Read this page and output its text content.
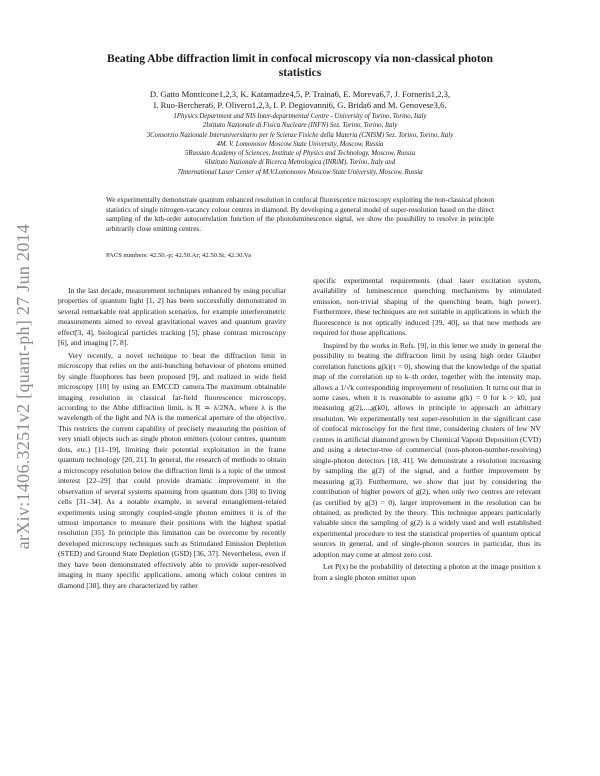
arXiv:1406.3251v2 [quant-ph] 27 Jun 2014
Beating Abbe diffraction limit in confocal microscopy via non-classical photon statistics
D. Gatto Monticone1,2,3, K. Katamadze4,5, P. Traina6, E. Moreva6,7, J. Forneris1,2,3,
I. Ruo-Berchera6, P. Olivero1,2,3, I. P. Degiovanni6, G. Brida6 and M. Genovese3,6.
1Physics Department and NIS Inter-departmental Centre - University of Torino, Torino, Italy
2Istituto Nazionale di Fisica Nucleare (INFN) Sez. Torino, Torino, Italy
3Consorzio Nazionale Interuniversitario per le Scienze Fisiche della Materia (CNISM) Sez. Torino, Torino, Italy
4M. V. Lomonosov Moscow State University, Moscow, Russia
5Russian Academy of Sciences, Institute of Physics and Technology, Moscow, Russia
6Istituto Nazionale di Ricerca Metrologica (INRiM), Torino, Italy and
7International Laser Center of M.V.Lomonosov Moscow State University, Moscow, Russia
We experimentally demonstrate quantum enhanced resolution in confocal fluorescence microscopy exploiting the non-classical photon statistics of single nitrogen-vacancy colour centres in diamond. By developing a general model of super-resolution based on the direct sampling of the kth-order autocorrelation function of the photoluminescence signal, we show the possibility to resolve in principle arbitrarily close emitting centres.
PACS numbers: 42.50.-p; 42.50.Ar; 42.50.St; 42.30.Va

In the last decade, measurement techniques enhanced by using peculiar properties of quantum light [1, 2] has been successfully demonstrated in several remarkable real application scenarios, for example interferometric measurements aimed to reveal gravitational waves and quantum gravity effect[3, 4], biological particles tracking [5], phase contrast microscopy [6], and imaging [7, 8].

Very recently, a novel technique to beat the diffraction limit in microscopy that relies on the anti-bunching behaviour of photons emitted by single fluophores has been proposed [9], and realized in wide field microscopy [10] by using an EMCCD camera.The maximum obtainable imaging resolution in classical far-field fluorescence microscopy, according to the Abbe diffraction limit, is R ≃ λ/2NA, where λ is the wavelength of the light and NA is the numerical aperture of the objective. This restricts the current capability of precisely measuring the position of very small objects such as single photon emitters (colour centres, quantum dots, etc.) [11–19], limiting their potential exploitation in the frame quantum technology [20, 21]. In general, the research of methods to obtain a microscopy resolution below the diffraction limit is a topic of the utmost interest [22–29] that could provide dramatic improvement in the observation of several systems spanning from quantum dots [30] to living cells [31–34]. As a notable example, in several entanglement-related experiments using strongly coupled-single photon emitters it is of the utmost importance to measure their positions with the highest spatial resolution [35]. In principle this limitation can be overcome by recently developed microscopy techniques such as Stimulated Emission Depletion (STED) and Ground State Depletion (GSD) [36, 37]. Nevertheless, even if they have been demonstrated effectively able to provide super-resolved imaging in many specific applications, among which colour centres in diamond [38], they are characterized by rather

specific experimental requirements (dual laser excitation system, availability of luminescence quenching mechanisms by stimulated emission, non-trivial shaping of the quenching beam, high power). Furthermore, these techniques are not suitable in applications in which the fluorescence is not optically induced [39, 40], so that new methods are required for those applications.

Inspired by the works in Refs. [9], in this letter we study in general the possibility to beating the diffraction limit by using high order Glauber correlation functions g(k)(τ = 0), showing that the knowledge of the spatial map of the correlation up to k–th order, together with the intensity map, allows a 1/√k corresponding improvement of resolution. It turns out that in some cases, when it is reasonable to assume g(k) = 0 for k > k0, just measuring g(2),...,g(k0), allows in principle to approach an arbitrary resolution. We experimentally test super-resolution in the significant case of confocal microscopy for the first time, considering clusters of few NV centres in artificial diamond grown by Chemical Vapour Deposition (CVD) and using a detector-tree of commercial (non-photon-number-resolving) single-photon detectors [18, 41]. We demonstrate a resolution increasing by sampling the g(2) of the signal, and a further improvement by measuring g(3). Furthermore, we show that just by considering the contribution of higher powers of g(2), when only two centres are relevant (as certified by g(3) = 0), larger improvement in the resolution can be obtained, as predicted by the theory. This technique appears particularly valuable since the sampling of g(2) is a widely used and well established experimental procedure to test the statistical properties of quantum optical sources in general, and of single-photon sources in particular, thus its adoption may come at almost zero cost.

Let P(x) be the probability of detecting a photon at the image position x from a single photon emitter upon
